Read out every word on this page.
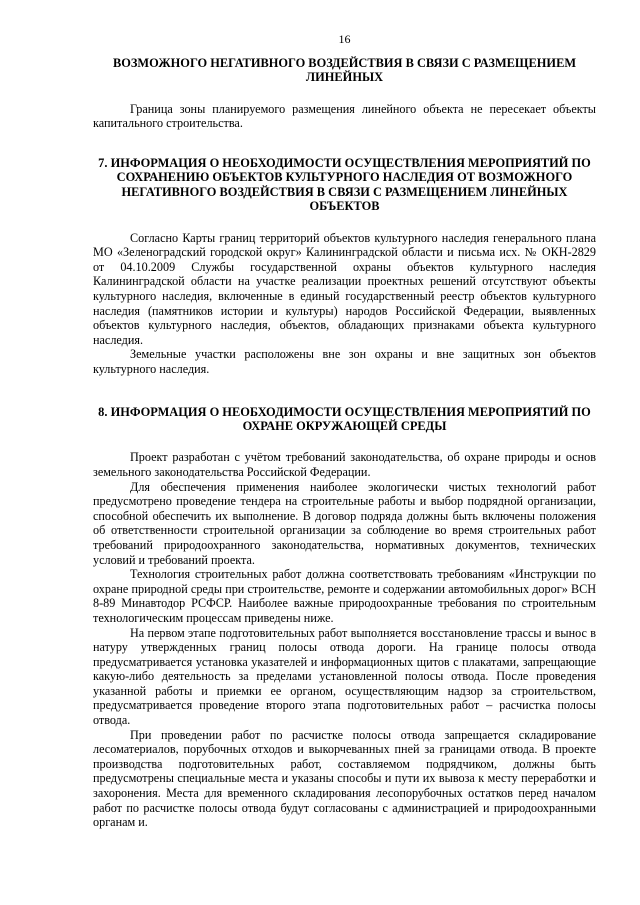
16
ВОЗМОЖНОГО НЕГАТИВНОГО ВОЗДЕЙСТВИЯ В СВЯЗИ С РАЗМЕЩЕНИЕМ ЛИНЕЙНЫХ

Граница зоны планируемого размещения линейного объекта не пересекает объекты капитального строительства.

7. ИНФОРМАЦИЯ О НЕОБХОДИМОСТИ ОСУЩЕСТВЛЕНИЯ МЕРОПРИЯТИЙ ПО СОХРАНЕНИЮ ОБЪЕКТОВ КУЛЬТУРНОГО НАСЛЕДИЯ ОТ ВОЗМОЖНОГО НЕГАТИВНОГО ВОЗДЕЙСТВИЯ В СВЯЗИ С РАЗМЕЩЕНИЕМ ЛИНЕЙНЫХ ОБЪЕКТОВ

Согласно Карты границ территорий объектов культурного наследия генерального плана МО «Зеленоградский городской округ» Калининградской области и письма исх. № ОКН-2829 от 04.10.2009 Службы государственной охраны объектов культурного наследия Калининградской области на участке реализации проектных решений отсутствуют объекты культурного наследия, включенные в единый государственный реестр объектов культурного наследия (памятников истории и культуры) народов Российской Федерации, выявленных объектов культурного наследия, объектов, обладающих признаками объекта культурного наследия.

Земельные участки расположены вне зон охраны и вне защитных зон объектов культурного наследия.

8. ИНФОРМАЦИЯ О НЕОБХОДИМОСТИ ОСУЩЕСТВЛЕНИЯ МЕРОПРИЯТИЙ ПО ОХРАНЕ ОКРУЖАЮЩЕЙ СРЕДЫ

Проект разработан с учётом требований законодательства, об охране природы и основ земельного законодательства Российской Федерации.

Для обеспечения применения наиболее экологически чистых технологий работ предусмотрено проведение тендера на строительные работы и выбор подрядной организации, способной обеспечить их выполнение. В договор подряда должны быть включены положения об ответственности строительной организации за соблюдение во время строительных работ требований природоохранного законодательства, нормативных документов, технических условий и требований проекта.

Технология строительных работ должна соответствовать требованиям «Инструкции по охране природной среды при строительстве, ремонте и содержании автомобильных дорог» ВСН 8-89 Минавтодор РСФСР. Наиболее важные природоохранные требования по строительным технологическим процессам приведены ниже.

На первом этапе подготовительных работ выполняется восстановление трассы и вынос в натуру утвержденных границ полосы отвода дороги. На границе полосы отвода предусматривается установка указателей и информационных щитов с плакатами, запрещающие какую-либо деятельность за пределами установленной полосы отвода. После проведения указанной работы и приемки ее органом, осуществляющим надзор за строительством, предусматривается проведение второго этапа подготовительных работ – расчистка полосы отвода.

При проведении работ по расчистке полосы отвода запрещается складирование лесоматериалов, порубочных отходов и выкорчеванных пней за границами отвода. В проекте производства подготовительных работ, составляемом подрядчиком, должны быть предусмотрены специальные места и указаны способы и пути их вывоза к месту переработки и захоронения. Места для временного складирования лесопорубочных остатков перед началом работ по расчистке полосы отвода будут согласованы с администрацией и природоохранными органам и.
